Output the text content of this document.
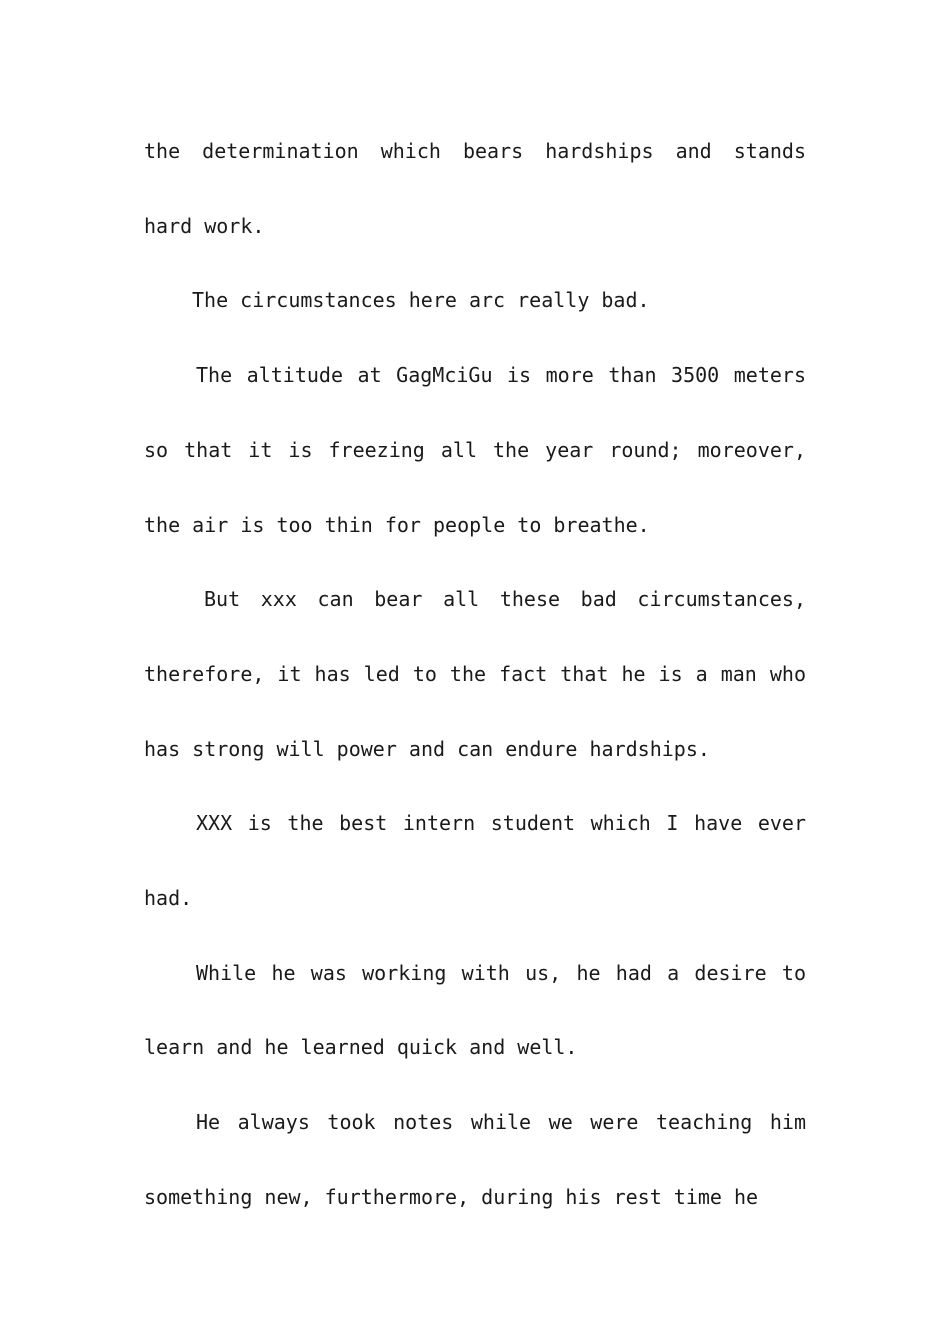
the determination which bears hardships and stands hard work.

The circumstances here arc really bad.

The altitude at GagMciGu is more than 3500 meters so that it is freezing all the year round; moreover, the air is too thin for people to breathe.

But xxx can bear all these bad circumstances, therefore, it has led to the fact that he is a man who has strong will power and can endure hardships.

XXX is the best intern student which I have ever had.

While he was working with us, he had a desire to learn and he learned quick and well.

He always took notes while we were teaching him something new, furthermore, during his rest time he
